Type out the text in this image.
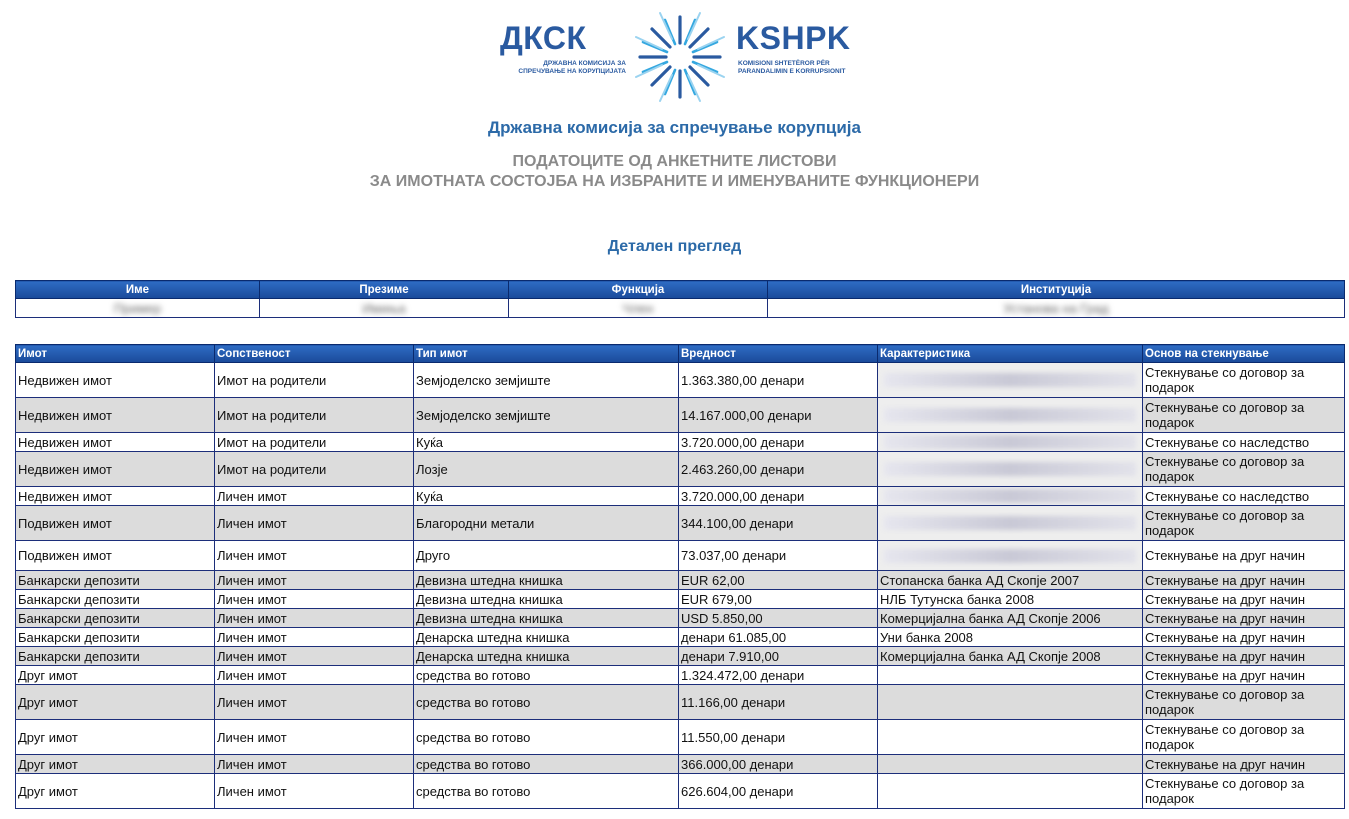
ДКСК	KSHPK
ДРЖАВНА КОМИСИЈА ЗА
СПРЕЧУВАЊЕ НА КОРУПЦИЈАТА
KOMISIONI SHTETËROR PËR
PARANDALIMIN E KORRUPSIONIT
Државна комисија за спречување корупција
ПОДАТОЦИТЕ ОД АНКЕТНИТЕ ЛИСТОВИ
ЗА ИМОТНАТА СОСТОЈБА НА ИЗБРАНИТЕ И ИМЕНУВАНИТЕ ФУНКЦИОНЕРИ
Детален преглед
Име	Презиме	Функција	Институција
Пример	Имиња	Член	Установа на Град
Имот	Сопственост	Тип имот	Вредност	Карактеристика	Основ на стекнување
Недвижен имот	Имот на родители	Земјоделско земјиште	1.363.380,00 денари		Стекнување со договор за подарок
Недвижен имот	Имот на родители	Земјоделско земјиште	14.167.000,00 денари		Стекнување со договор за подарок
Недвижен имот	Имот на родители	Куќа	3.720.000,00 денари		Стекнување со наследство
Недвижен имот	Имот на родители	Лозје	2.463.260,00 денари		Стекнување со договор за подарок
Недвижен имот	Личен имот	Куќа	3.720.000,00 денари		Стекнување со наследство
Подвижен имот	Личен имот	Благородни метали	344.100,00 денари		Стекнување со договор за подарок
Подвижен имот	Личен имот	Друго	73.037,00 денари		Стекнување на друг начин
Банкарски депозити	Личен имот	Девизна штедна книшка	EUR 62,00	Стопанска банка АД Скопје 2007	Стекнување на друг начин
Банкарски депозити	Личен имот	Девизна штедна книшка	EUR 679,00	НЛБ Тутунска банка 2008	Стекнување на друг начин
Банкарски депозити	Личен имот	Девизна штедна книшка	USD 5.850,00	Комерцијална банка АД Скопје 2006	Стекнување на друг начин
Банкарски депозити	Личен имот	Денарска штедна книшка	денари 61.085,00	Уни банка 2008	Стекнување на друг начин
Банкарски депозити	Личен имот	Денарска штедна книшка	денари 7.910,00	Комерцијална банка АД Скопје 2008	Стекнување на друг начин
Друг имот	Личен имот	средства во готово	1.324.472,00 денари		Стекнување на друг начин
Друг имот	Личен имот	средства во готово	11.166,00 денари		Стекнување со договор за подарок
Друг имот	Личен имот	средства во готово	11.550,00 денари		Стекнување со договор за подарок
Друг имот	Личен имот	средства во готово	366.000,00 денари		Стекнување на друг начин
Друг имот	Личен имот	средства во готово	626.604,00 денари		Стекнување со договор за подарок
